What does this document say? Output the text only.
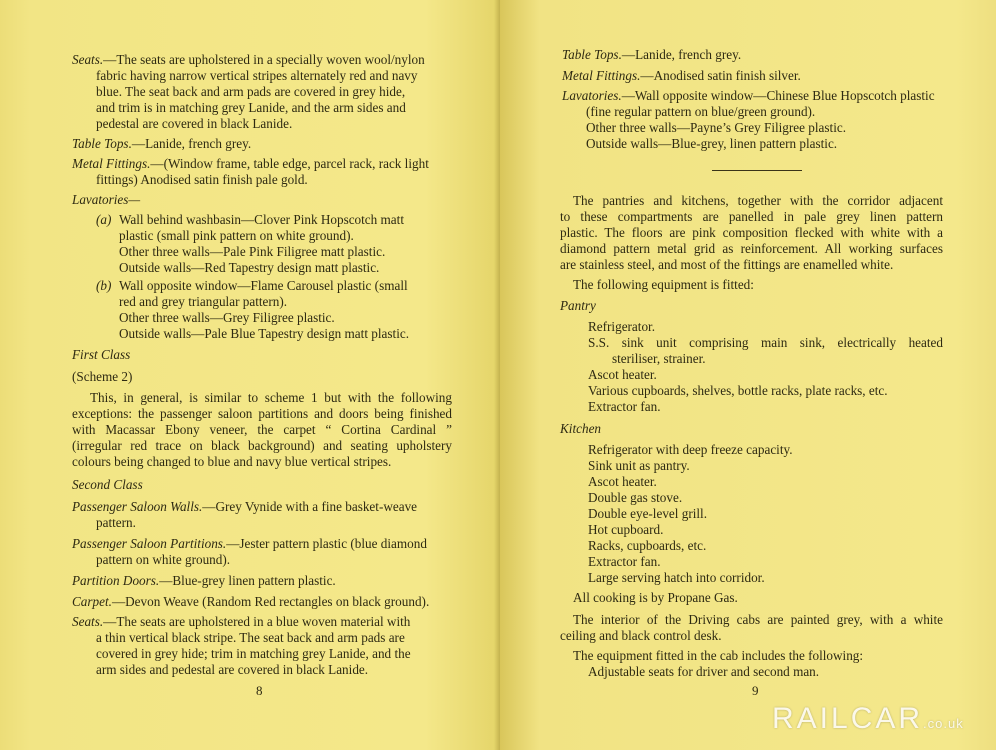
Seats.—The seats are upholstered in a specially woven wool/nylon
fabric having narrow vertical stripes alternately red and navy
blue. The seat back and arm pads are covered in grey hide,
and trim is in matching grey Lanide, and the arm sides and
pedestal are covered in black Lanide.
Table Tops.—Lanide, french grey.
Metal Fittings.—(Window frame, table edge, parcel rack, rack light
fittings) Anodised satin finish pale gold.
Lavatories—
(a) Wall behind washbasin—Clover Pink Hopscotch matt
plastic (small pink pattern on white ground).
Other three walls—Pale Pink Filigree matt plastic.
Outside walls—Red Tapestry design matt plastic.
(b) Wall opposite window—Flame Carousel plastic (small
red and grey triangular pattern).
Other three walls—Grey Filigree plastic.
Outside walls—Pale Blue Tapestry design matt plastic.
First Class
(Scheme 2)
This, in general, is similar to scheme 1 but with the following
exceptions: the passenger saloon partitions and doors being finished
with Macassar Ebony veneer, the carpet “ Cortina Cardinal ”
(irregular red trace on black background) and seating upholstery
colours being changed to blue and navy blue vertical stripes.
Second Class
Passenger Saloon Walls.—Grey Vynide with a fine basket-weave
pattern.
Passenger Saloon Partitions.—Jester pattern plastic (blue diamond
pattern on white ground).
Partition Doors.—Blue-grey linen pattern plastic.
Carpet.—Devon Weave (Random Red rectangles on black ground).
Seats.—The seats are upholstered in a blue woven material with
a thin vertical black stripe. The seat back and arm pads are
covered in grey hide; trim in matching grey Lanide, and the
arm sides and pedestal are covered in black Lanide.
8
Table Tops.—Lanide, french grey.
Metal Fittings.—Anodised satin finish silver.
Lavatories.—Wall opposite window—Chinese Blue Hopscotch plastic
(fine regular pattern on blue/green ground).
Other three walls—Payne’s Grey Filigree plastic.
Outside walls—Blue-grey, linen pattern plastic.
The pantries and kitchens, together with the corridor adjacent
to these compartments are panelled in pale grey linen pattern
plastic. The floors are pink composition flecked with white with a
diamond pattern metal grid as reinforcement. All working surfaces
are stainless steel, and most of the fittings are enamelled white.
The following equipment is fitted:
Pantry
Refrigerator.
S.S. sink unit comprising main sink, electrically heated
steriliser, strainer.
Ascot heater.
Various cupboards, shelves, bottle racks, plate racks, etc.
Extractor fan.
Kitchen
Refrigerator with deep freeze capacity.
Sink unit as pantry.
Ascot heater.
Double gas stove.
Double eye-level grill.
Hot cupboard.
Racks, cupboards, etc.
Extractor fan.
Large serving hatch into corridor.
All cooking is by Propane Gas.
The interior of the Driving cabs are painted grey, with a white
ceiling and black control desk.
The equipment fitted in the cab includes the following:
Adjustable seats for driver and second man.
9
RAILCAR.co.uk
